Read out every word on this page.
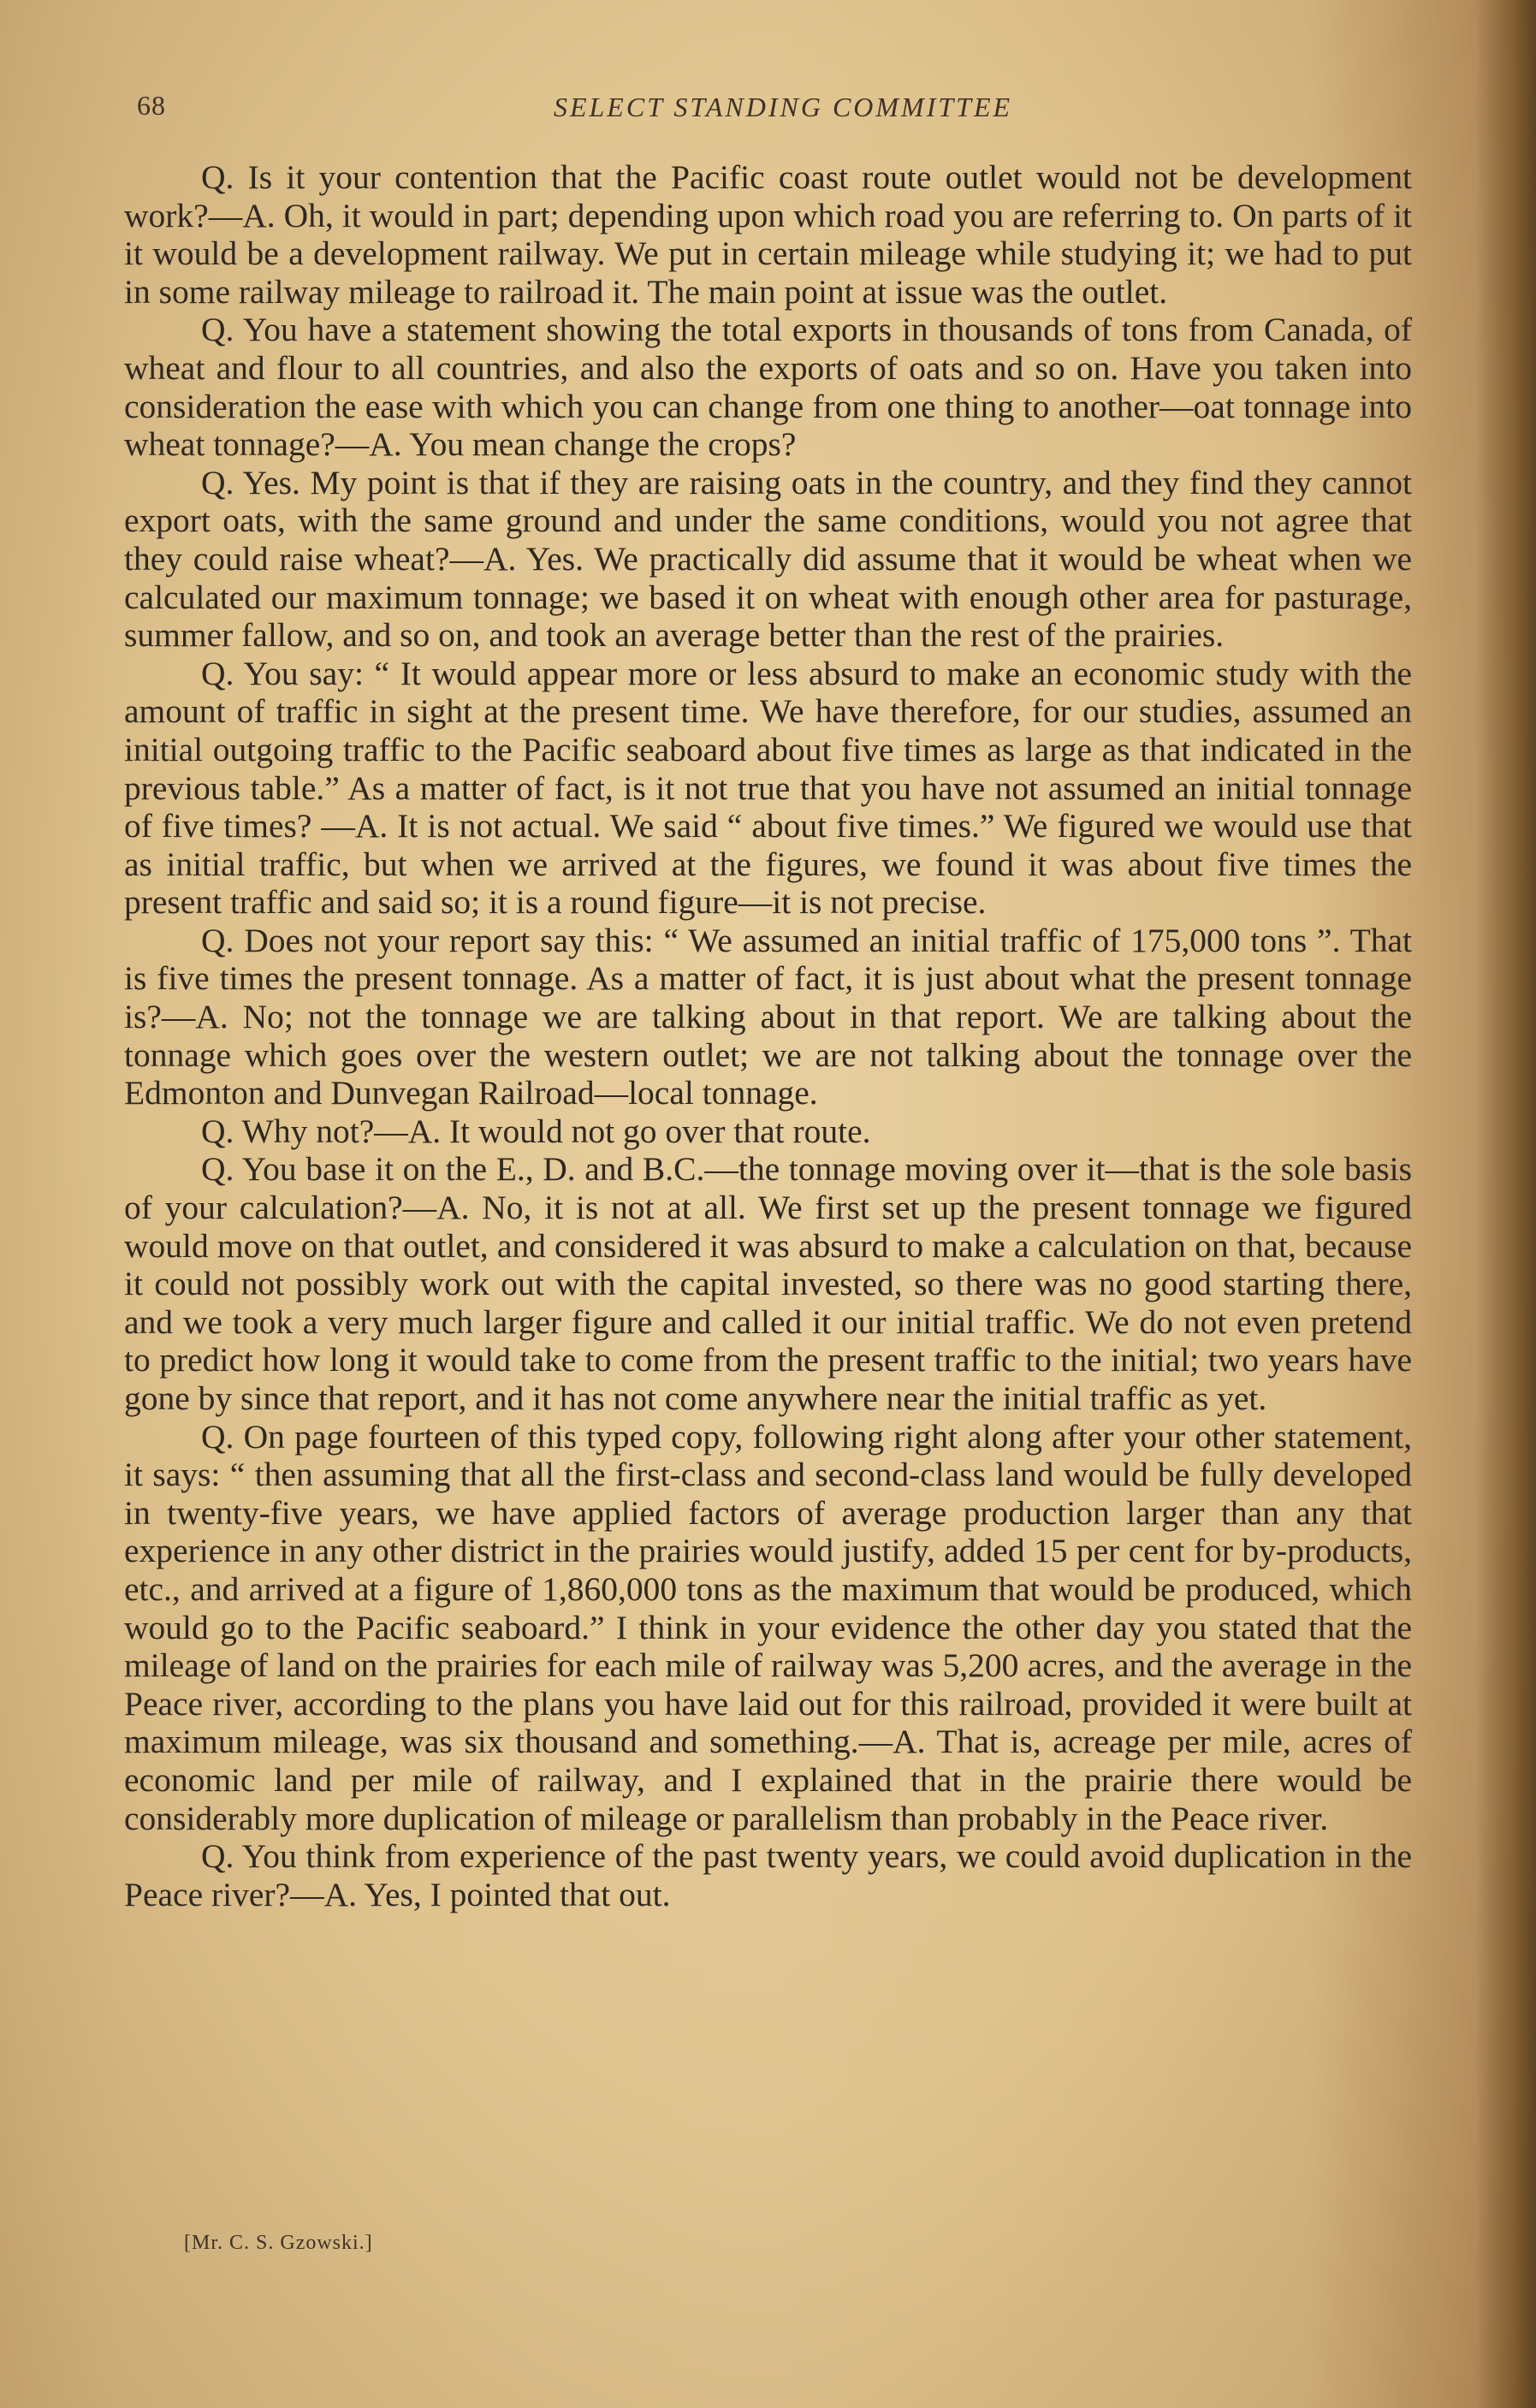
68	SELECT STANDING COMMITTEE

Q. Is it your contention that the Pacific coast route outlet would not be development work?—A. Oh, it would in part; depending upon which road you are referring to. On parts of it it would be a development railway. We put in certain mileage while studying it; we had to put in some railway mileage to railroad it. The main point at issue was the outlet.

Q. You have a statement showing the total exports in thousands of tons from Canada, of wheat and flour to all countries, and also the exports of oats and so on. Have you taken into consideration the ease with which you can change from one thing to another—oat tonnage into wheat tonnage?—A. You mean change the crops?

Q. Yes. My point is that if they are raising oats in the country, and they find they cannot export oats, with the same ground and under the same conditions, would you not agree that they could raise wheat?—A. Yes. We practically did assume that it would be wheat when we calculated our maximum tonnage; we based it on wheat with enough other area for pasturage, summer fallow, and so on, and took an average better than the rest of the prairies.

Q. You say: “ It would appear more or less absurd to make an economic study with the amount of traffic in sight at the present time. We have therefore, for our studies, assumed an initial outgoing traffic to the Pacific seaboard about five times as large as that indicated in the previous table.” As a matter of fact, is it not true that you have not assumed an initial tonnage of five times? —A. It is not actual. We said “ about five times.” We figured we would use that as initial traffic, but when we arrived at the figures, we found it was about five times the present traffic and said so; it is a round figure—it is not precise.

Q. Does not your report say this: “ We assumed an initial traffic of 175,000 tons ”. That is five times the present tonnage. As a matter of fact, it is just about what the present tonnage is?—A. No; not the tonnage we are talking about in that report. We are talking about the tonnage which goes over the western outlet; we are not talking about the tonnage over the Edmonton and Dunvegan Railroad—local tonnage.

Q. Why not?—A. It would not go over that route.

Q. You base it on the E., D. and B.C.—the tonnage moving over it—that is the sole basis of your calculation?—A. No, it is not at all. We first set up the present tonnage we figured would move on that outlet, and considered it was absurd to make a calculation on that, because it could not possibly work out with the capital invested, so there was no good starting there, and we took a very much larger figure and called it our initial traffic. We do not even pretend to predict how long it would take to come from the present traffic to the initial; two years have gone by since that report, and it has not come anywhere near the initial traffic as yet.

Q. On page fourteen of this typed copy, following right along after your other statement, it says: “ then assuming that all the first-class and second-class land would be fully developed in twenty-five years, we have applied factors of average production larger than any that experience in any other district in the prairies would justify, added 15 per cent for by-products, etc., and arrived at a figure of 1,860,000 tons as the maximum that would be produced, which would go to the Pacific seaboard.” I think in your evidence the other day you stated that the mileage of land on the prairies for each mile of railway was 5,200 acres, and the average in the Peace river, according to the plans you have laid out for this railroad, provided it were built at maximum mileage, was six thousand and something.—A. That is, acreage per mile, acres of economic land per mile of railway, and I explained that in the prairie there would be considerably more duplication of mileage or parallelism than probably in the Peace river.

Q. You think from experience of the past twenty years, we could avoid duplication in the Peace river?—A. Yes, I pointed that out.

[Mr. C. S. Gzowski.]
